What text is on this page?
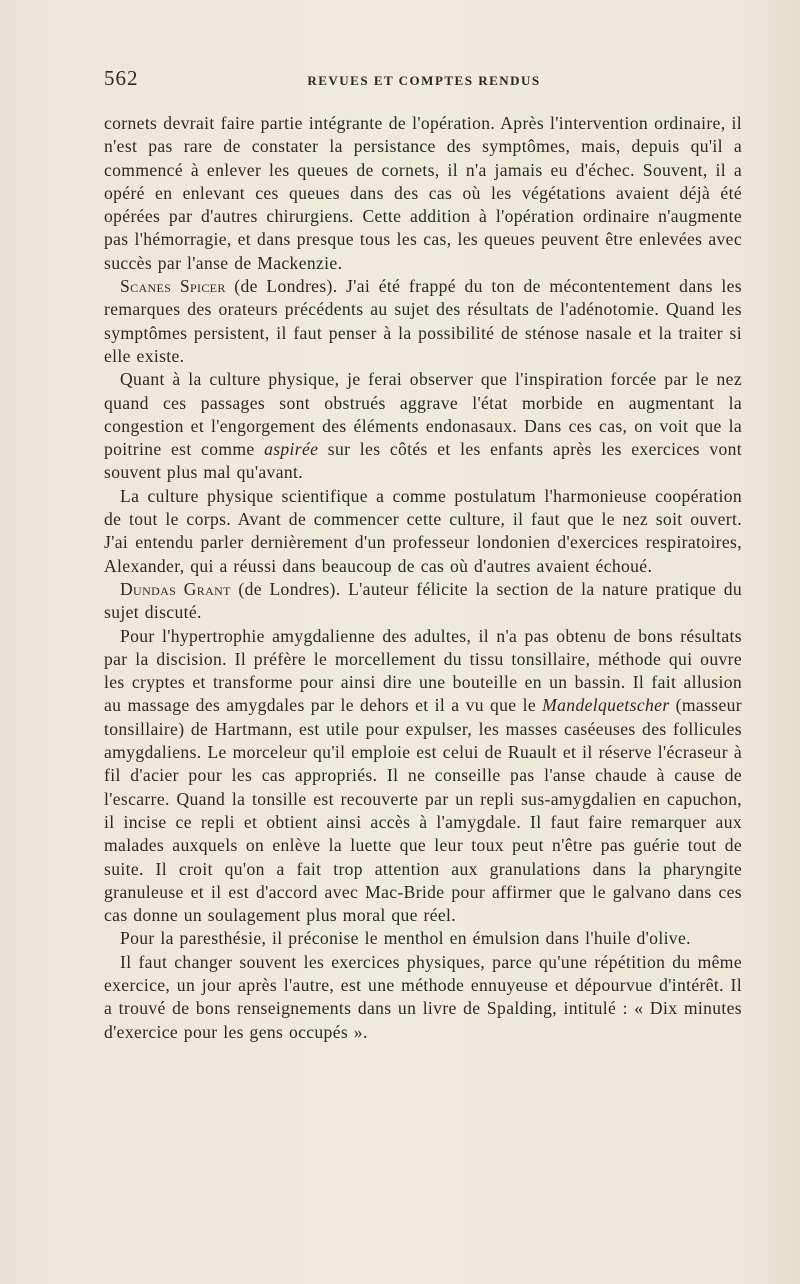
562	REVUES ET COMPTES RENDUS

cornets devrait faire partie intégrante de l'opération. Après l'intervention ordinaire, il n'est pas rare de constater la persistance des symptômes, mais, depuis qu'il a commencé à enlever les queues de cornets, il n'a jamais eu d'échec. Souvent, il a opéré en enlevant ces queues dans des cas où les végétations avaient déjà été opérées par d'autres chirurgiens. Cette addition à l'opération ordinaire n'augmente pas l'hémorragie, et dans presque tous les cas, les queues peuvent être enlevées avec succès par l'anse de Mackenzie.

Scanes Spicer (de Londres). J'ai été frappé du ton de mécontentement dans les remarques des orateurs précédents au sujet des résultats de l'adénotomie. Quand les symptômes persistent, il faut penser à la possibilité de sténose nasale et la traiter si elle existe.

Quant à la culture physique, je ferai observer que l'inspiration forcée par le nez quand ces passages sont obstrués aggrave l'état morbide en augmentant la congestion et l'engorgement des éléments endonasaux. Dans ces cas, on voit que la poitrine est comme aspirée sur les côtés et les enfants après les exercices vont souvent plus mal qu'avant.

La culture physique scientifique a comme postulatum l'harmonieuse coopération de tout le corps. Avant de commencer cette culture, il faut que le nez soit ouvert. J'ai entendu parler dernièrement d'un professeur londonien d'exercices respiratoires, Alexander, qui a réussi dans beaucoup de cas où d'autres avaient échoué.

Dundas Grant (de Londres). L'auteur félicite la section de la nature pratique du sujet discuté.

Pour l'hypertrophie amygdalienne des adultes, il n'a pas obtenu de bons résultats par la discision. Il préfère le morcellement du tissu tonsillaire, méthode qui ouvre les cryptes et transforme pour ainsi dire une bouteille en un bassin. Il fait allusion au massage des amygdales par le dehors et il a vu que le Mandelquetscher (masseur tonsillaire) de Hartmann, est utile pour expulser, les masses caséeuses des follicules amygdaliens. Le morceleur qu'il emploie est celui de Ruault et il réserve l'écraseur à fil d'acier pour les cas appropriés. Il ne conseille pas l'anse chaude à cause de l'escarre. Quand la tonsille est recouverte par un repli sus-amygdalien en capuchon, il incise ce repli et obtient ainsi accès à l'amygdale. Il faut faire remarquer aux malades auxquels on enlève la luette que leur toux peut n'être pas guérie tout de suite. Il croit qu'on a fait trop attention aux granulations dans la pharyngite granuleuse et il est d'accord avec Mac-Bride pour affirmer que le galvano dans ces cas donne un soulagement plus moral que réel.

Pour la paresthésie, il préconise le menthol en émulsion dans l'huile d'olive.

Il faut changer souvent les exercices physiques, parce qu'une répétition du même exercice, un jour après l'autre, est une méthode ennuyeuse et dépourvue d'intérêt. Il a trouvé de bons renseignements dans un livre de Spalding, intitulé : « Dix minutes d'exercice pour les gens occupés ».
